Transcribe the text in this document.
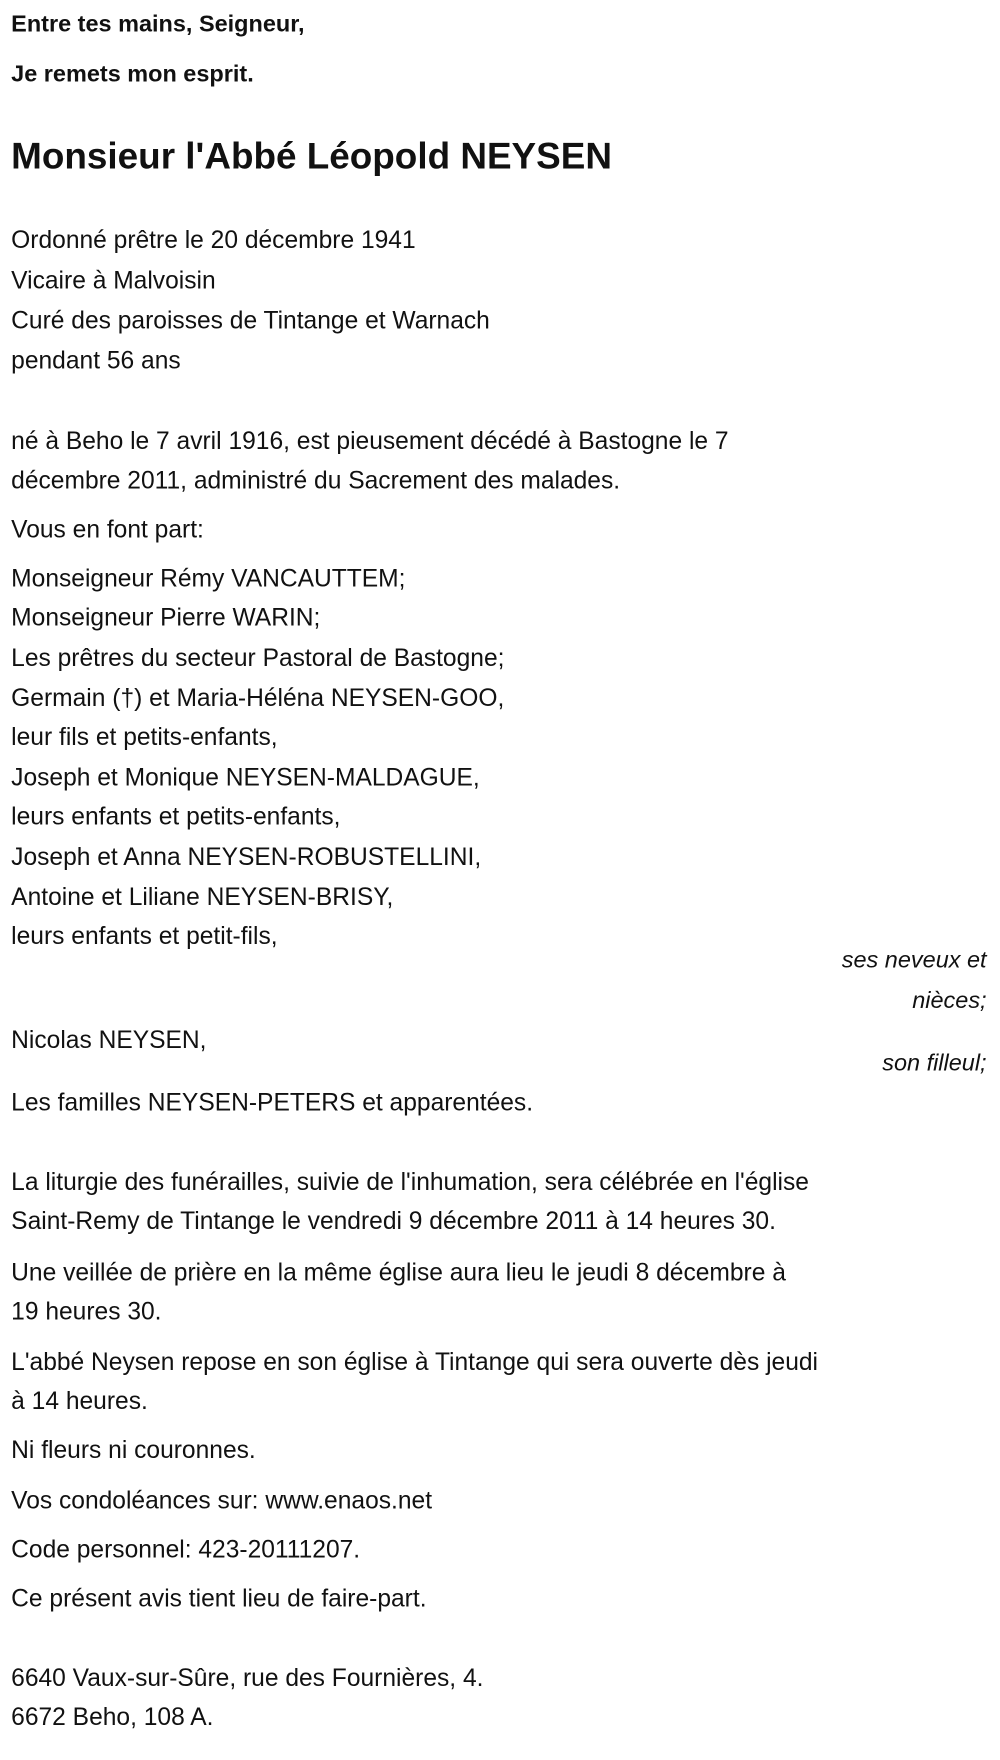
Entre tes mains, Seigneur,
Je remets mon esprit.
Monsieur l'Abbé Léopold NEYSEN
Ordonné prêtre le 20 décembre 1941
Vicaire à Malvoisin
Curé des paroisses de Tintange et Warnach
pendant 56 ans
né à Beho le 7 avril 1916, est pieusement décédé à Bastogne le 7
décembre 2011, administré du Sacrement des malades.
Vous en font part:
Monseigneur Rémy VANCAUTTEM;
Monseigneur Pierre WARIN;
Les prêtres du secteur Pastoral de Bastogne;
Germain (†) et Maria-Héléna NEYSEN-GOO,
leur fils et petits-enfants,
Joseph et Monique NEYSEN-MALDAGUE,
leurs enfants et petits-enfants,
Joseph et Anna NEYSEN-ROBUSTELLINI,
Antoine et Liliane NEYSEN-BRISY,
leurs enfants et petit-fils,
ses neveux et
nièces;
Nicolas NEYSEN,
son filleul;
Les familles NEYSEN-PETERS et apparentées.
La liturgie des funérailles, suivie de l'inhumation, sera célébrée en l'église
Saint-Remy de Tintange le vendredi 9 décembre 2011 à 14 heures 30.
Une veillée de prière en la même église aura lieu le jeudi 8 décembre à
19 heures 30.
L'abbé Neysen repose en son église à Tintange qui sera ouverte dès jeudi
à 14 heures.
Ni fleurs ni couronnes.
Vos condoléances sur: www.enaos.net
Code personnel: 423-20111207.
Ce présent avis tient lieu de faire-part.
6640 Vaux-sur-Sûre, rue des Fournières, 4.
6672 Beho, 108 A.
